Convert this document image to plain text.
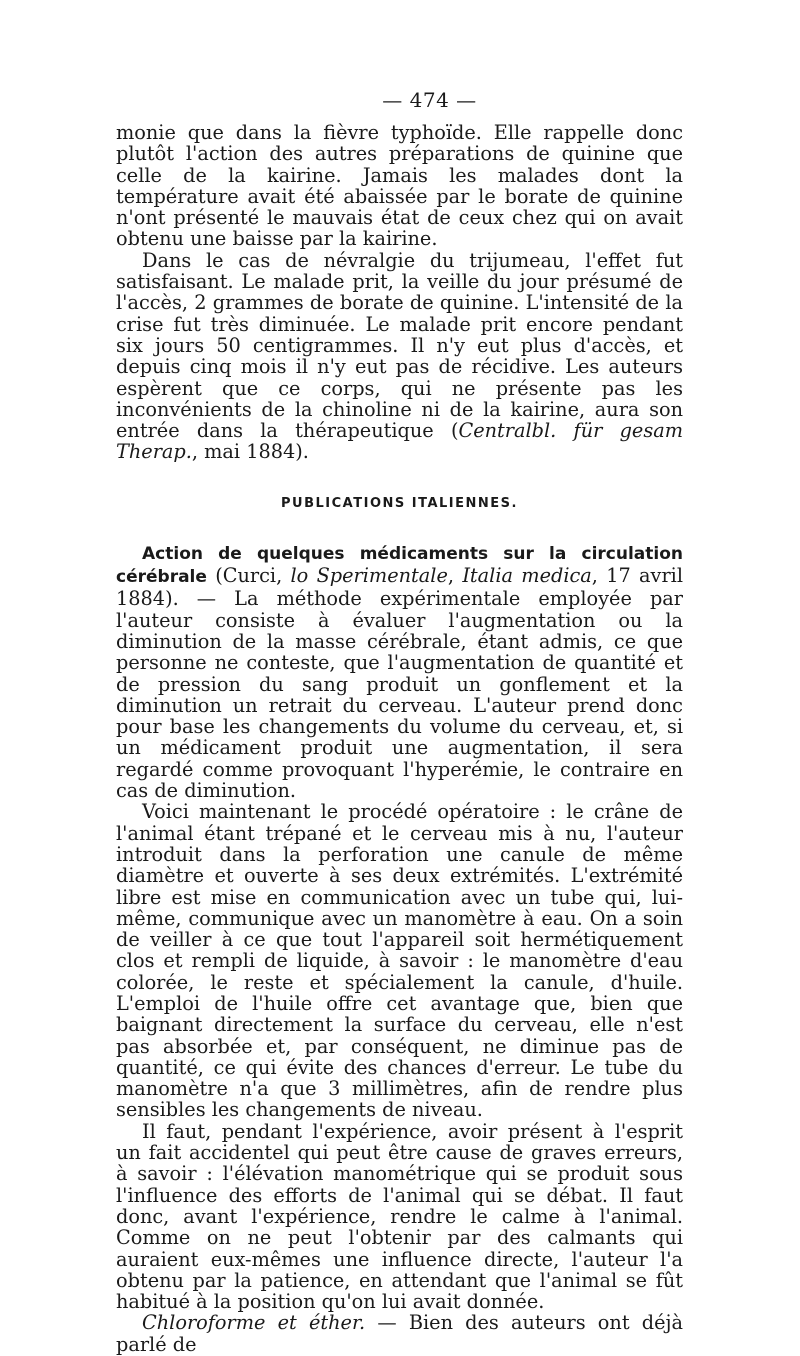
— 474 —

monie que dans la fièvre typhoïde. Elle rappelle donc plutôt l'action des autres préparations de quinine que celle de la kairine. Jamais les malades dont la température avait été abaissée par le borate de quinine n'ont présenté le mauvais état de ceux chez qui on avait obtenu une baisse par la kairine.

Dans le cas de névralgie du trijumeau, l'effet fut satisfaisant. Le malade prit, la veille du jour présumé de l'accès, 2 grammes de borate de quinine. L'intensité de la crise fut très diminuée. Le malade prit encore pendant six jours 50 centigrammes. Il n'y eut plus d'accès, et depuis cinq mois il n'y eut pas de récidive. Les auteurs espèrent que ce corps, qui ne présente pas les inconvénients de la chinoline ni de la kairine, aura son entrée dans la thérapeutique (Centralbl. für gesam Therap., mai 1884).

PUBLICATIONS ITALIENNES.

Action de quelques médicaments sur la circulation cérébrale (Curci, lo Sperimentale, Italia medica, 17 avril 1884). — La méthode expérimentale employée par l'auteur consiste à évaluer l'augmentation ou la diminution de la masse cérébrale, étant admis, ce que personne ne conteste, que l'augmentation de quantité et de pression du sang produit un gonflement et la diminution un retrait du cerveau. L'auteur prend donc pour base les changements du volume du cerveau, et, si un médicament produit une augmentation, il sera regardé comme provoquant l'hyperémie, le contraire en cas de diminution.

Voici maintenant le procédé opératoire : le crâne de l'animal étant trépané et le cerveau mis à nu, l'auteur introduit dans la perforation une canule de même diamètre et ouverte à ses deux extrémités. L'extrémité libre est mise en communication avec un tube qui, lui-même, communique avec un manomètre à eau. On a soin de veiller à ce que tout l'appareil soit hermétiquement clos et rempli de liquide, à savoir : le manomètre d'eau colorée, le reste et spécialement la canule, d'huile. L'emploi de l'huile offre cet avantage que, bien que baignant directement la surface du cerveau, elle n'est pas absorbée et, par conséquent, ne diminue pas de quantité, ce qui évite des chances d'erreur. Le tube du manomètre n'a que 3 millimètres, afin de rendre plus sensibles les changements de niveau.

Il faut, pendant l'expérience, avoir présent à l'esprit un fait accidentel qui peut être cause de graves erreurs, à savoir : l'élévation manométrique qui se produit sous l'influence des efforts de l'animal qui se débat. Il faut donc, avant l'expérience, rendre le calme à l'animal. Comme on ne peut l'obtenir par des calmants qui auraient eux-mêmes une influence directe, l'auteur l'a obtenu par la patience, en attendant que l'animal se fût habitué à la position qu'on lui avait donnée.

Chloroforme et éther. — Bien des auteurs ont déjà parlé de
